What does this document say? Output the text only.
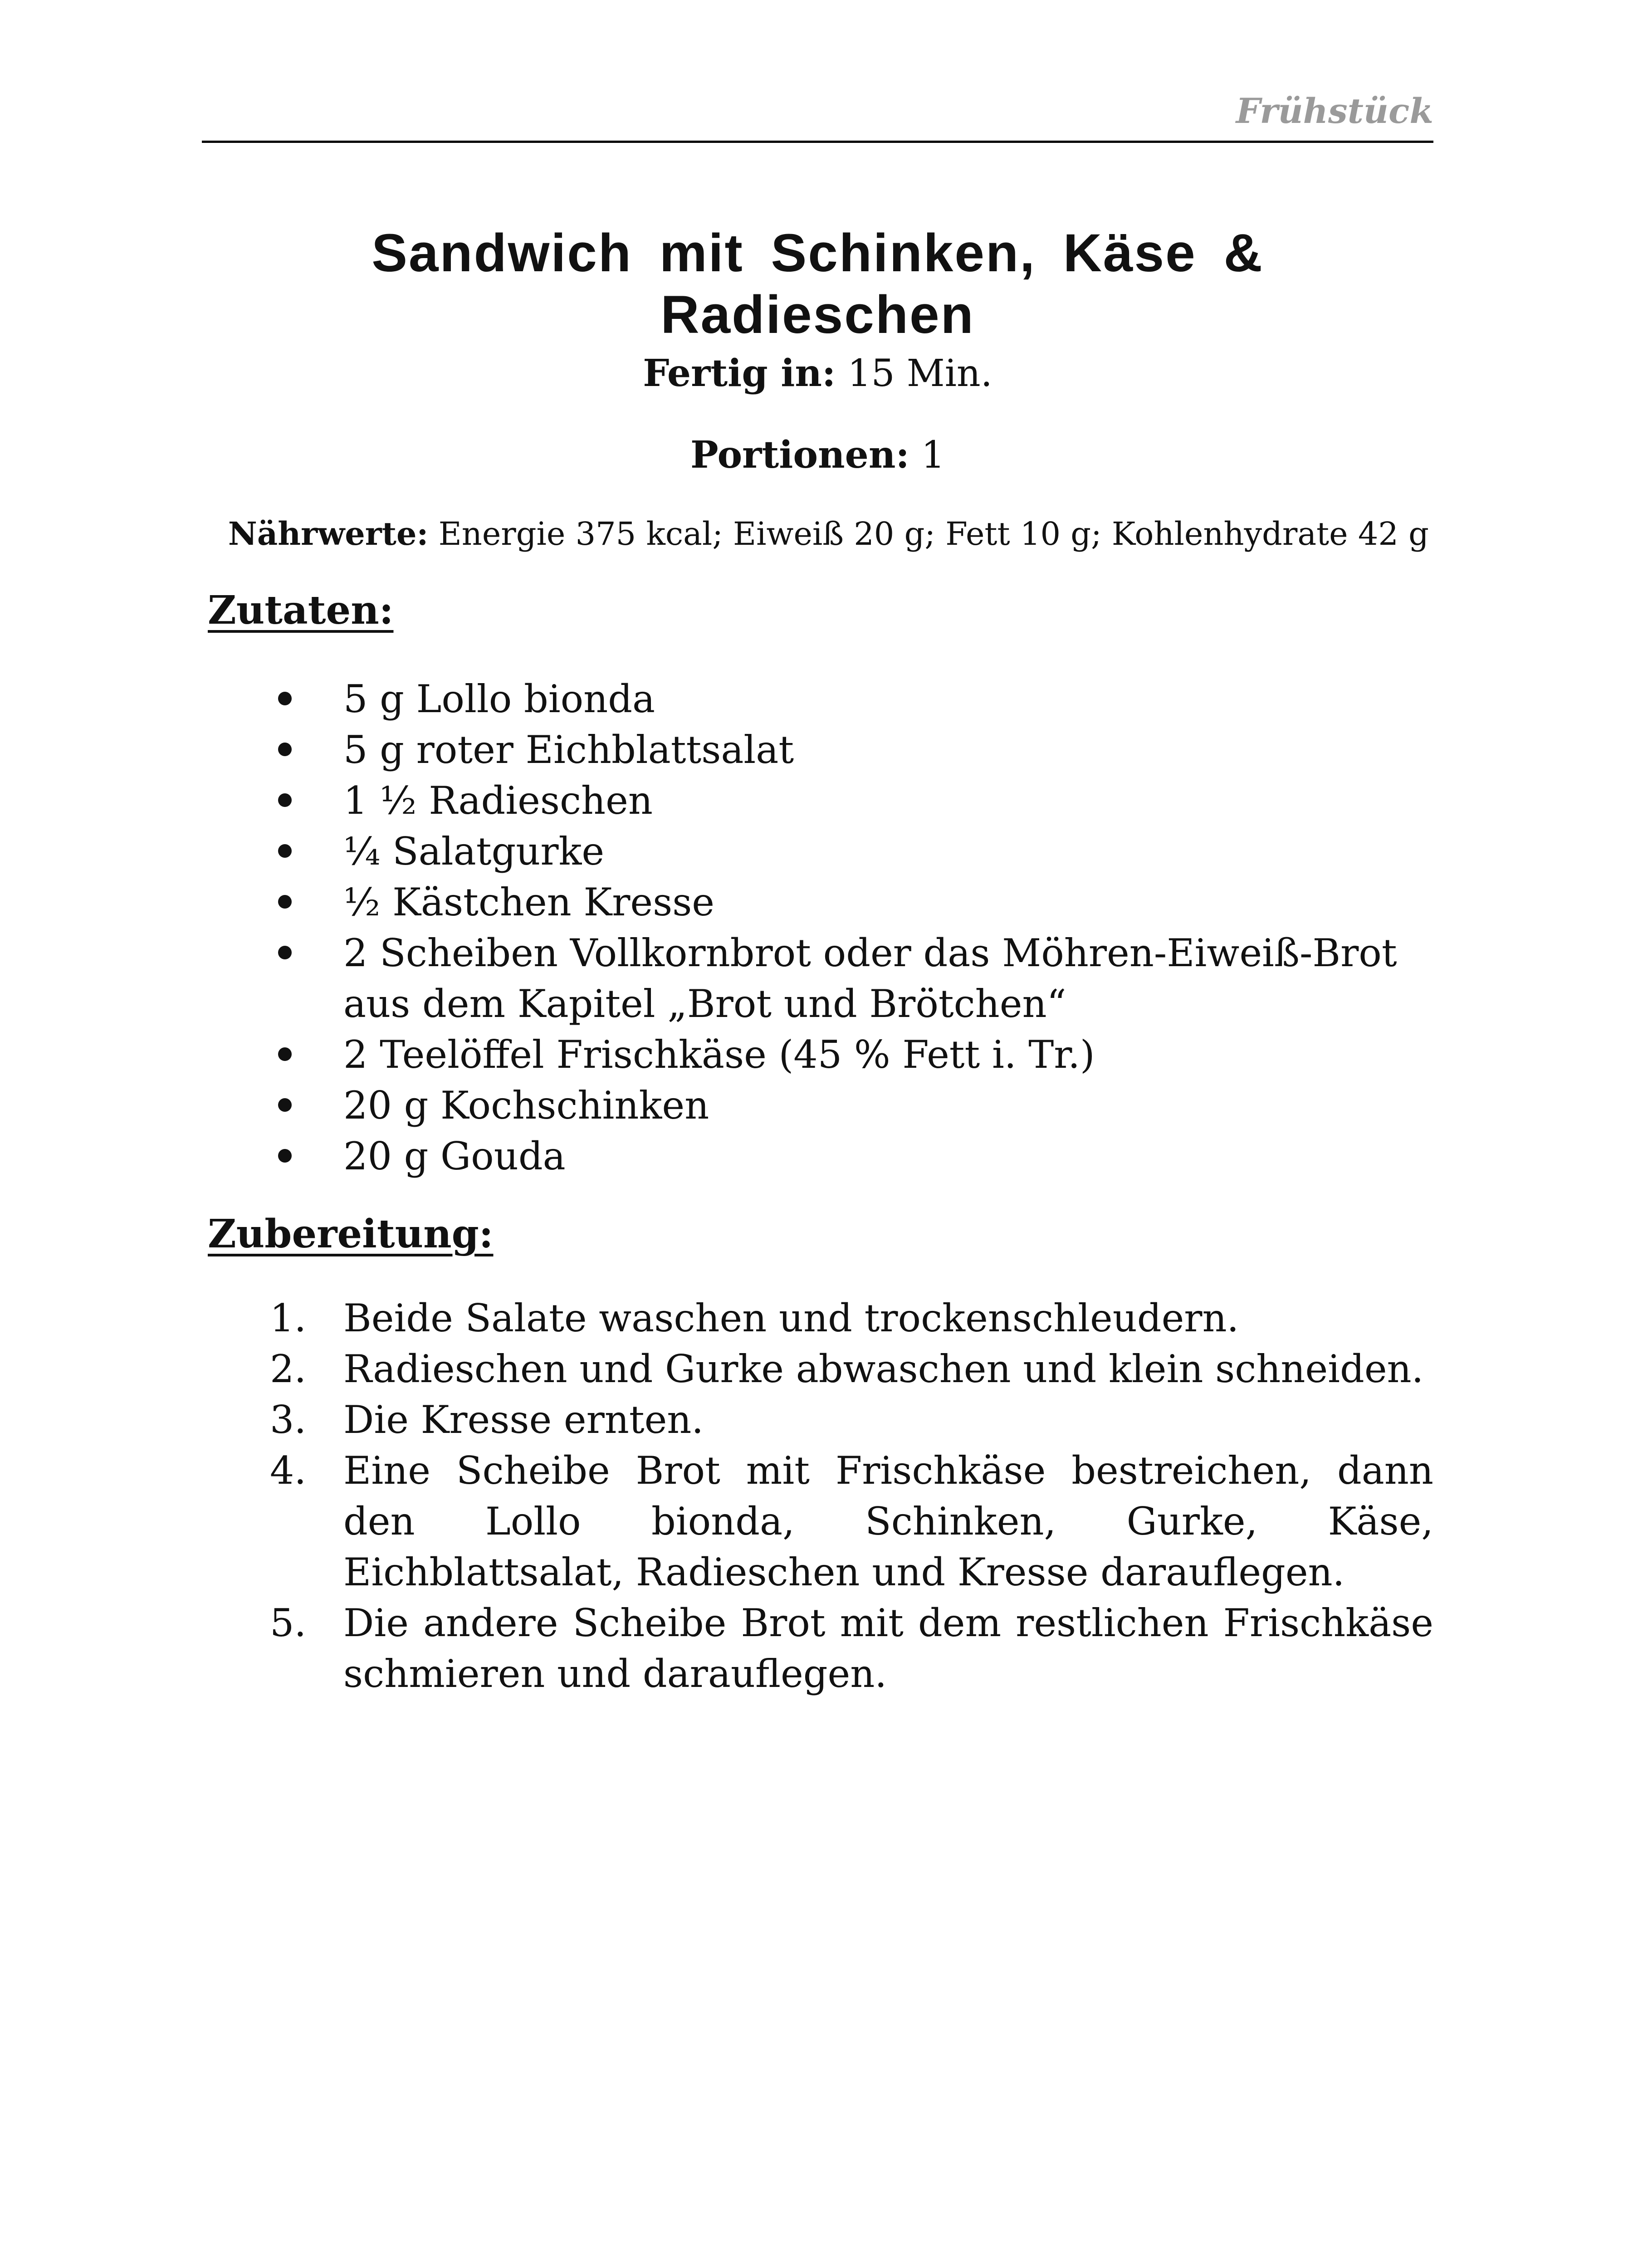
Frühstück
Sandwich mit Schinken, Käse & Radieschen
Fertig in: 15 Min.
Portionen: 1
Nährwerte: Energie 375 kcal; Eiweiß 20 g; Fett 10 g; Kohlenhydrate 42 g
Zutaten:
5 g Lollo bionda
5 g roter Eichblattsalat
1 ½ Radieschen
¼ Salatgurke
½ Kästchen Kresse
2 Scheiben Vollkornbrot oder das Möhren-Eiweiß-Brot aus dem Kapitel „Brot und Brötchen“
2 Teelöffel Frischkäse (45 % Fett i. Tr.)
20 g Kochschinken
20 g Gouda
Zubereitung:
1. Beide Salate waschen und trockenschleudern.
2. Radieschen und Gurke abwaschen und klein schneiden.
3. Die Kresse ernten.
4. Eine Scheibe Brot mit Frischkäse bestreichen, dann den Lollo bionda, Schinken, Gurke, Käse, Eichblattsalat, Radieschen und Kresse darauflegen.
5. Die andere Scheibe Brot mit dem restlichen Frischkäse schmieren und darauflegen.
